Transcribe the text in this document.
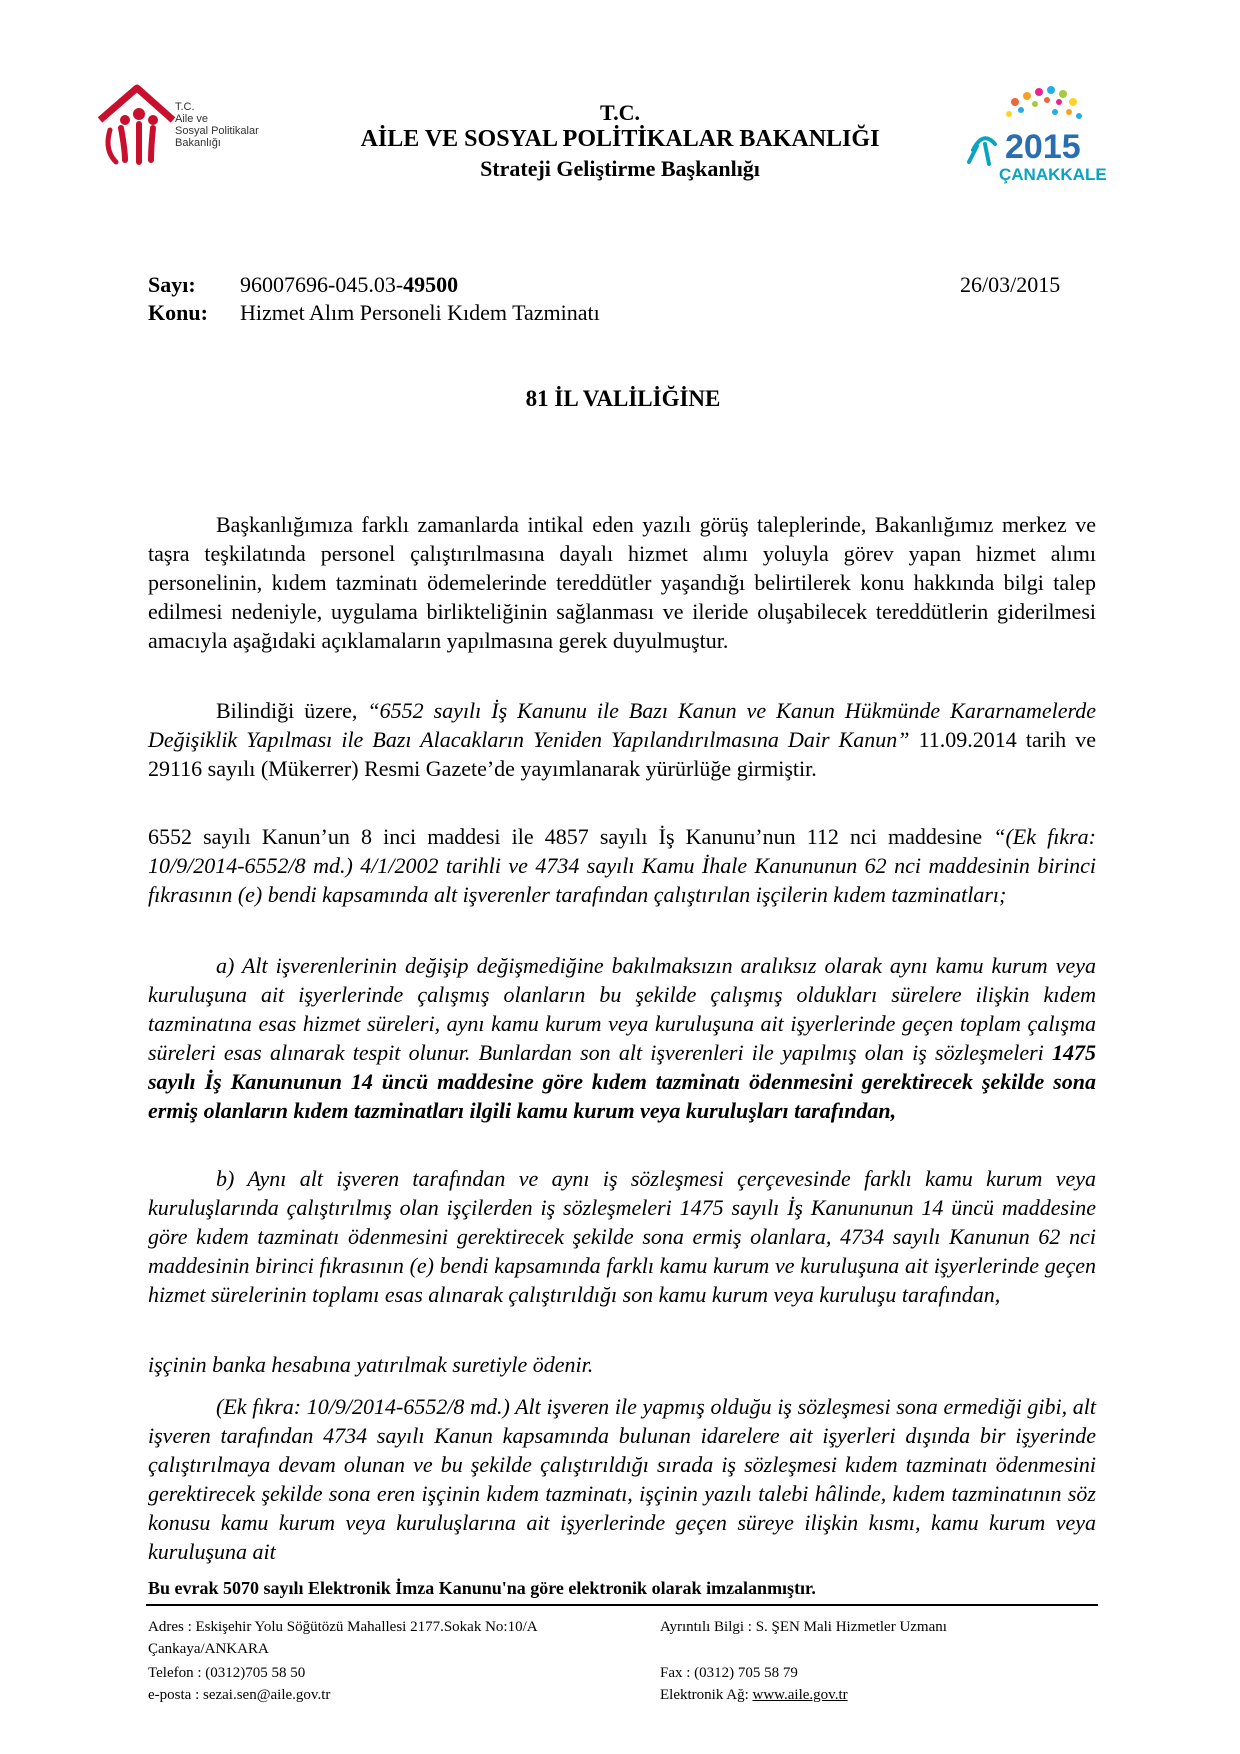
T.C.
Aile ve
Sosyal Politikalar
Bakanlığı	2015
ÇANAKKALE
T.C.
AİLE VE SOSYAL POLİTİKALAR BAKANLIĞI
Strateji Geliştirme Başkanlığı
Sayı: 96007696-045.03-49500	26/03/2015
Konu: Hizmet Alım Personeli Kıdem Tazminatı
81 İL VALİLİĞİNE

Başkanlığımıza farklı zamanlarda intikal eden yazılı görüş taleplerinde, Bakanlığımız merkez ve taşra teşkilatında personel çalıştırılmasına dayalı hizmet alımı yoluyla görev yapan hizmet alımı personelinin, kıdem tazminatı ödemelerinde tereddütler yaşandığı belirtilerek konu hakkında bilgi talep edilmesi nedeniyle, uygulama birlikteliğinin sağlanması ve ileride oluşabilecek tereddütlerin giderilmesi amacıyla aşağıdaki açıklamaların yapılmasına gerek duyulmuştur.

Bilindiği üzere, “6552 sayılı İş Kanunu ile Bazı Kanun ve Kanun Hükmünde Kararnamelerde Değişiklik Yapılması ile Bazı Alacakların Yeniden Yapılandırılmasına Dair Kanun” 11.09.2014 tarih ve 29116 sayılı (Mükerrer) Resmi Gazete’de yayımlanarak yürürlüğe girmiştir.

6552 sayılı Kanun’un 8 inci maddesi ile 4857 sayılı İş Kanunu’nun 112 nci maddesine “(Ek fıkra: 10/9/2014-6552/8 md.) 4/1/2002 tarihli ve 4734 sayılı Kamu İhale Kanununun 62 nci maddesinin birinci fıkrasının (e) bendi kapsamında alt işverenler tarafından çalıştırılan işçilerin kıdem tazminatları;

a) Alt işverenlerinin değişip değişmediğine bakılmaksızın aralıksız olarak aynı kamu kurum veya kuruluşuna ait işyerlerinde çalışmış olanların bu şekilde çalışmış oldukları sürelere ilişkin kıdem tazminatına esas hizmet süreleri, aynı kamu kurum veya kuruluşuna ait işyerlerinde geçen toplam çalışma süreleri esas alınarak tespit olunur. Bunlardan son alt işverenleri ile yapılmış olan iş sözleşmeleri 1475 sayılı İş Kanununun 14 üncü maddesine göre kıdem tazminatı ödenmesini gerektirecek şekilde sona ermiş olanların kıdem tazminatları ilgili kamu kurum veya kuruluşları tarafından,

b) Aynı alt işveren tarafından ve aynı iş sözleşmesi çerçevesinde farklı kamu kurum veya kuruluşlarında çalıştırılmış olan işçilerden iş sözleşmeleri 1475 sayılı İş Kanununun 14 üncü maddesine göre kıdem tazminatı ödenmesini gerektirecek şekilde sona ermiş olanlara, 4734 sayılı Kanunun 62 nci maddesinin birinci fıkrasının (e) bendi kapsamında farklı kamu kurum ve kuruluşuna ait işyerlerinde geçen hizmet sürelerinin toplamı esas alınarak çalıştırıldığı son kamu kurum veya kuruluşu tarafından,

işçinin banka hesabına yatırılmak suretiyle ödenir.

(Ek fıkra: 10/9/2014-6552/8 md.) Alt işveren ile yapmış olduğu iş sözleşmesi sona ermediği gibi, alt işveren tarafından 4734 sayılı Kanun kapsamında bulunan idarelere ait işyerleri dışında bir işyerinde çalıştırılmaya devam olunan ve bu şekilde çalıştırıldığı sırada iş sözleşmesi kıdem tazminatı ödenmesini gerektirecek şekilde sona eren işçinin kıdem tazminatı, işçinin yazılı talebi hâlinde, kıdem tazminatının söz konusu kamu kurum veya kuruluşlarına ait işyerlerinde geçen süreye ilişkin kısmı, kamu kurum veya kuruluşuna ait

Bu evrak 5070 sayılı Elektronik İmza Kanunu'na göre elektronik olarak imzalanmıştır.
Adres : Eskişehir Yolu Söğütözü Mahallesi 2177.Sokak No:10/A
Çankaya/ANKARA
Telefon : (0312)705 58 50
e-posta : sezai.sen@aile.gov.tr
Ayrıntılı Bilgi : S. ŞEN Mali Hizmetler Uzmanı
Fax : (0312) 705 58 79
Elektronik Ağ: www.aile.gov.tr
